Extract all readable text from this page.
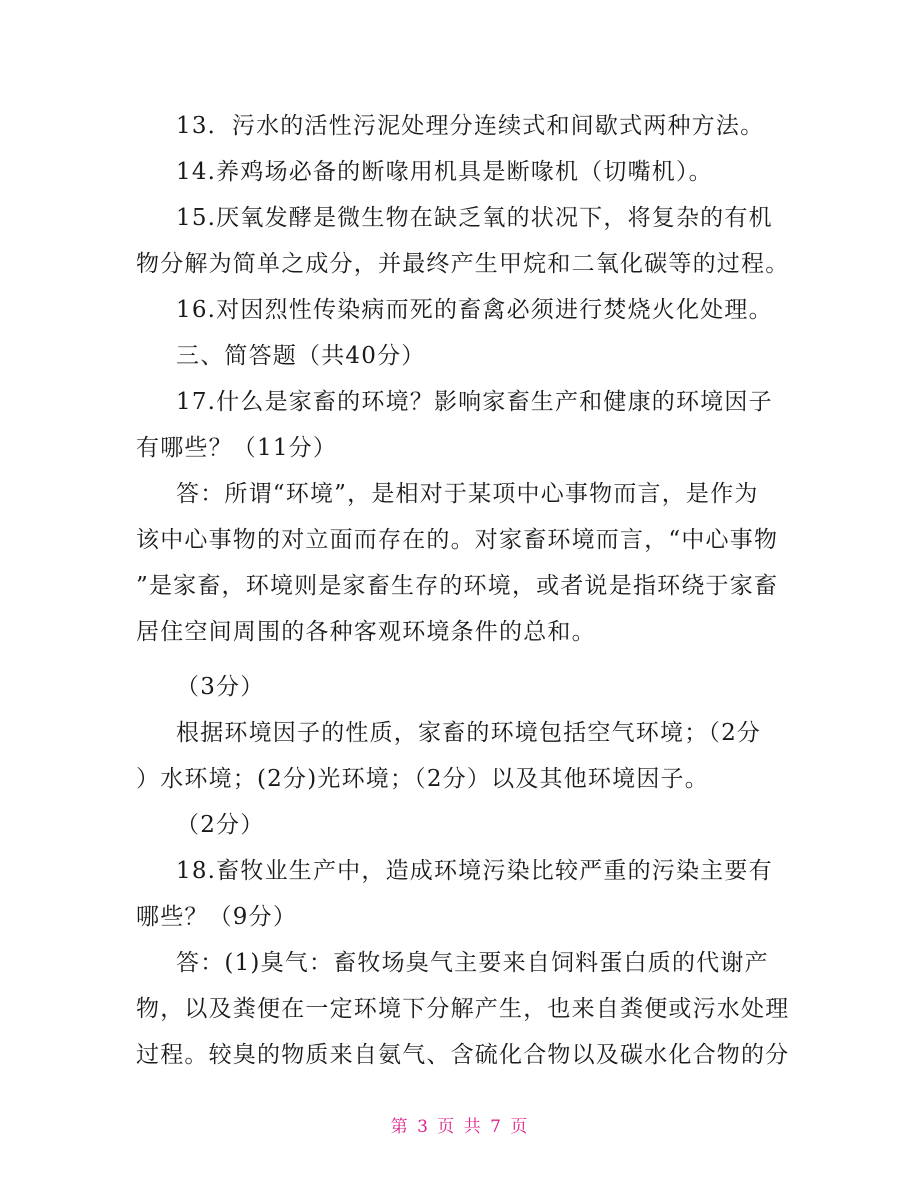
13．污水的活性污泥处理分连续式和间歇式两种方法。
14.养鸡场必备的断喙用机具是断喙机（切嘴机）。
15.厌氧发酵是微生物在缺乏氧的状况下，将复杂的有机
物分解为简单之成分，并最终产生甲烷和二氧化碳等的过程。
16.对因烈性传染病而死的畜禽必须进行焚烧火化处理。
三、简答题（共40分）
17.什么是家畜的环境？影响家畜生产和健康的环境因子
有哪些？（11分）
答：所谓“环境”，是相对于某项中心事物而言，是作为
该中心事物的对立面而存在的。对家畜环境而言，“中心事物
”是家畜，环境则是家畜生存的环境，或者说是指环绕于家畜
居住空间周围的各种客观环境条件的总和。
（3分）
根据环境因子的性质，家畜的环境包括空气环境；（2分
）水环境；(2分)光环境；（2分）以及其他环境因子。
（2分）
18.畜牧业生产中，造成环境污染比较严重的污染主要有
哪些？（9分）
答：(1)臭气：畜牧场臭气主要来自饲料蛋白质的代谢产
物，以及粪便在一定环境下分解产生，也来自粪便或污水处理
过程。较臭的物质来自氨气、含硫化合物以及碳水化合物的分
第 3 页 共 7 页
